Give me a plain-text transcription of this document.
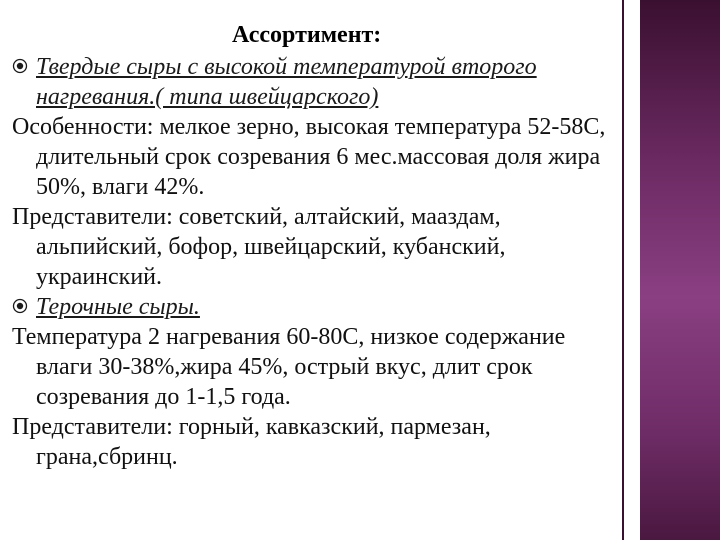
Ассортимент:

Твердые сыры с высокой температурой второго нагревания.( типа швейцарского)

Особенности: мелкое зерно, высокая температура 52-58С, длительный срок созревания 6 мес.массовая доля жира 50%, влаги 42%.

Представители: советский, алтайский, мааздам, альпийский, бофор, швейцарский, кубанский, украинский.

Терочные сыры.

Температура 2 нагревания 60-80С, низкое содержание влаги 30-38%,жира 45%, острый вкус, длит срок созревания до 1-1,5 года.

Представители: горный, кавказский, пармезан, грана,сбринц.
